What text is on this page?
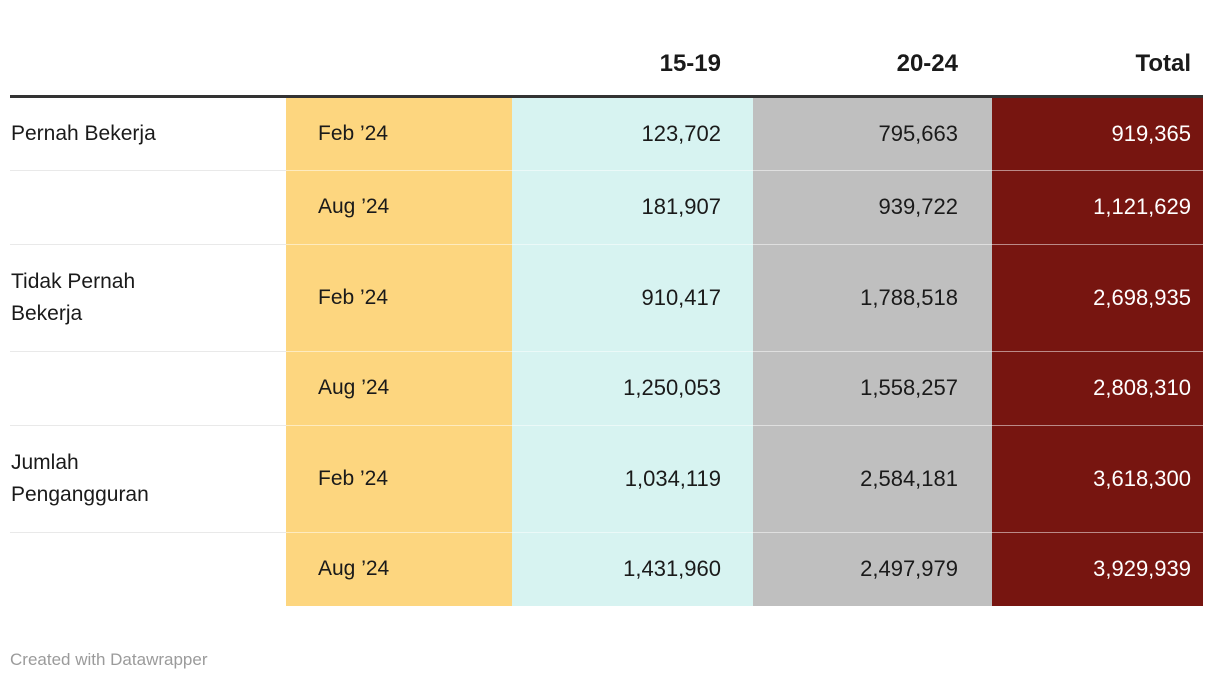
		15-19	20-24	Total
Pernah Bekerja	Feb ’24	123,702	795,663	919,365
	Aug ’24	181,907	939,722	1,121,629
Tidak Pernah Bekerja	Feb ’24	910,417	1,788,518	2,698,935
	Aug ’24	1,250,053	1,558,257	2,808,310
Jumlah Pengangguran	Feb ’24	1,034,119	2,584,181	3,618,300
	Aug ’24	1,431,960	2,497,979	3,929,939
Created with Datawrapper
